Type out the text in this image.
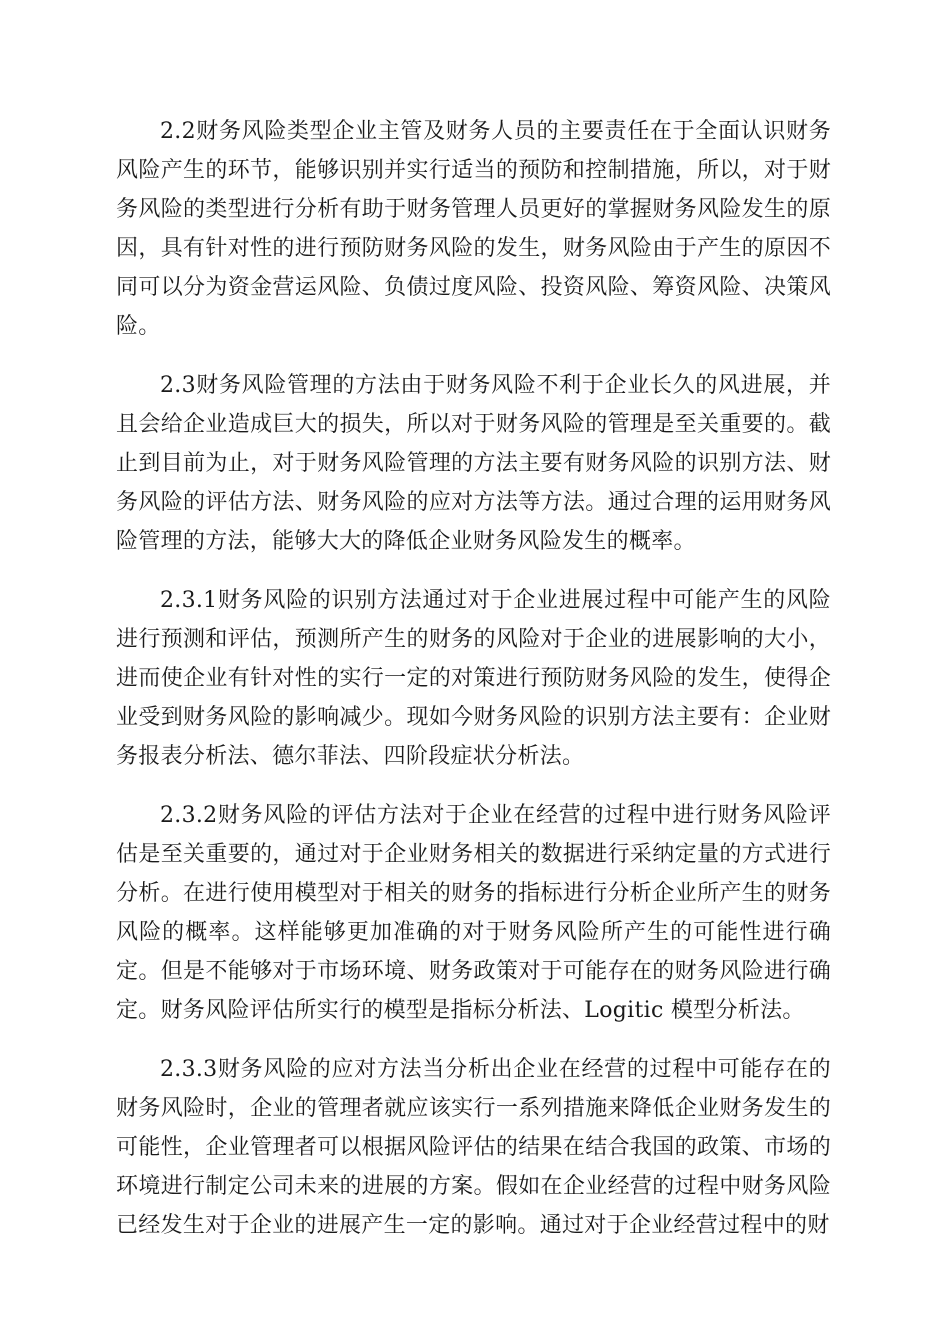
2.2财务风险类型企业主管及财务人员的主要责任在于全面认识财务风险产生的环节，能够识别并实行适当的预防和控制措施，所以，对于财务风险的类型进行分析有助于财务管理人员更好的掌握财务风险发生的原因，具有针对性的进行预防财务风险的发生，财务风险由于产生的原因不同可以分为资金营运风险、负债过度风险、投资风险、筹资风险、决策风险。

2.3财务风险管理的方法由于财务风险不利于企业长久的风进展，并且会给企业造成巨大的损失，所以对于财务风险的管理是至关重要的。截止到目前为止，对于财务风险管理的方法主要有财务风险的识别方法、财务风险的评估方法、财务风险的应对方法等方法。通过合理的运用财务风险管理的方法，能够大大的降低企业财务风险发生的概率。

2.3.1财务风险的识别方法通过对于企业进展过程中可能产生的风险进行预测和评估，预测所产生的财务的风险对于企业的进展影响的大小，进而使企业有针对性的实行一定的对策进行预防财务风险的发生，使得企业受到财务风险的影响减少。现如今财务风险的识别方法主要有：企业财务报表分析法、德尔菲法、四阶段症状分析法。

2.3.2财务风险的评估方法对于企业在经营的过程中进行财务风险评估是至关重要的，通过对于企业财务相关的数据进行采纳定量的方式进行分析。在进行使用模型对于相关的财务的指标进行分析企业所产生的财务风险的概率。这样能够更加准确的对于财务风险所产生的可能性进行确定。但是不能够对于市场环境、财务政策对于可能存在的财务风险进行确定。财务风险评估所实行的模型是指标分析法、Logitic 模型分析法。

2.3.3财务风险的应对方法当分析出企业在经营的过程中可能存在的财务风险时，企业的管理者就应该实行一系列措施来降低企业财务发生的可能性，企业管理者可以根据风险评估的结果在结合我国的政策、市场的环境进行制定公司未来的进展的方案。假如在企业经营的过程中财务风险已经发生对于企业的进展产生一定的影响。通过对于企业经营过程中的财
